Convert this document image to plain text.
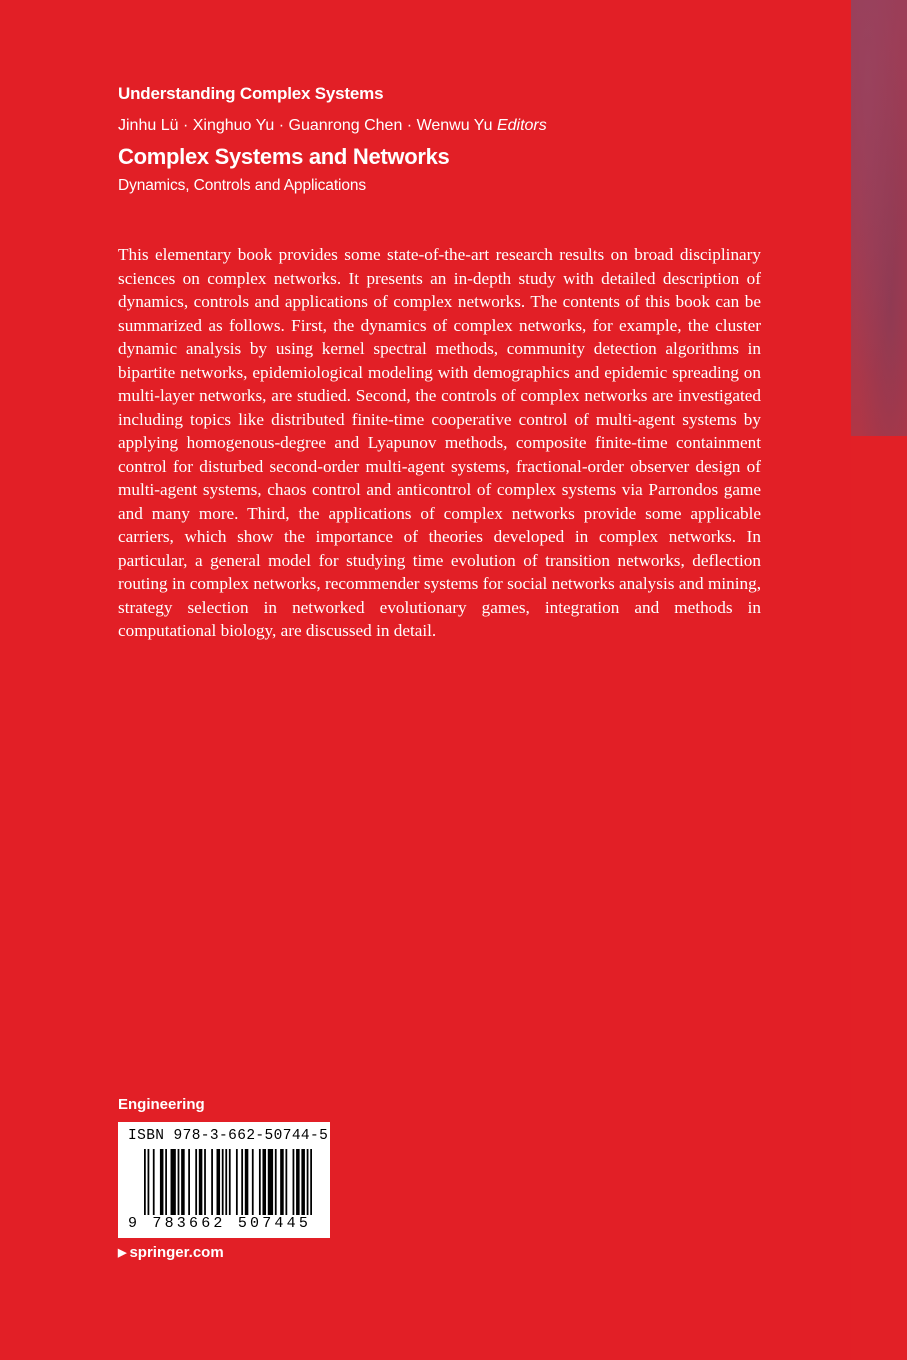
Understanding Complex Systems
Jinhu Lü · Xinghuo Yu · Guanrong Chen · Wenwu Yu Editors
Complex Systems and Networks
Dynamics, Controls and Applications

This elementary book provides some state-of-the-art research results on broad disciplinary sciences on complex networks. It presents an in-depth study with detailed description of dynamics, controls and applications of complex networks. The contents of this book can be summarized as follows. First, the dynamics of complex networks, for example, the cluster dynamic analysis by using kernel spectral methods, community detection algorithms in bipartite networks, epidemiological modeling with demographics and epidemic spreading on multi-layer networks, are studied. Second, the controls of complex networks are investigated including topics like distributed finite-time cooperative control of multi-agent systems by applying homogenous-degree and Lyapunov methods, composite finite-time containment control for disturbed second-order multi-agent systems, fractional-order observer design of multi-agent systems, chaos control and anticontrol of complex systems via Parrondos game and many more. Third, the applications of complex networks provide some applicable carriers, which show the importance of theories developed in complex networks. In particular, a general model for studying time evolution of transition networks, deflection routing in complex networks, recommender systems for social networks analysis and mining, strategy selection in networked evolutionary games, integration and methods in computational biology, are discussed in detail.

Engineering
ISBN 978-3-662-50744-5
9 783662 507445
▶ springer.com
